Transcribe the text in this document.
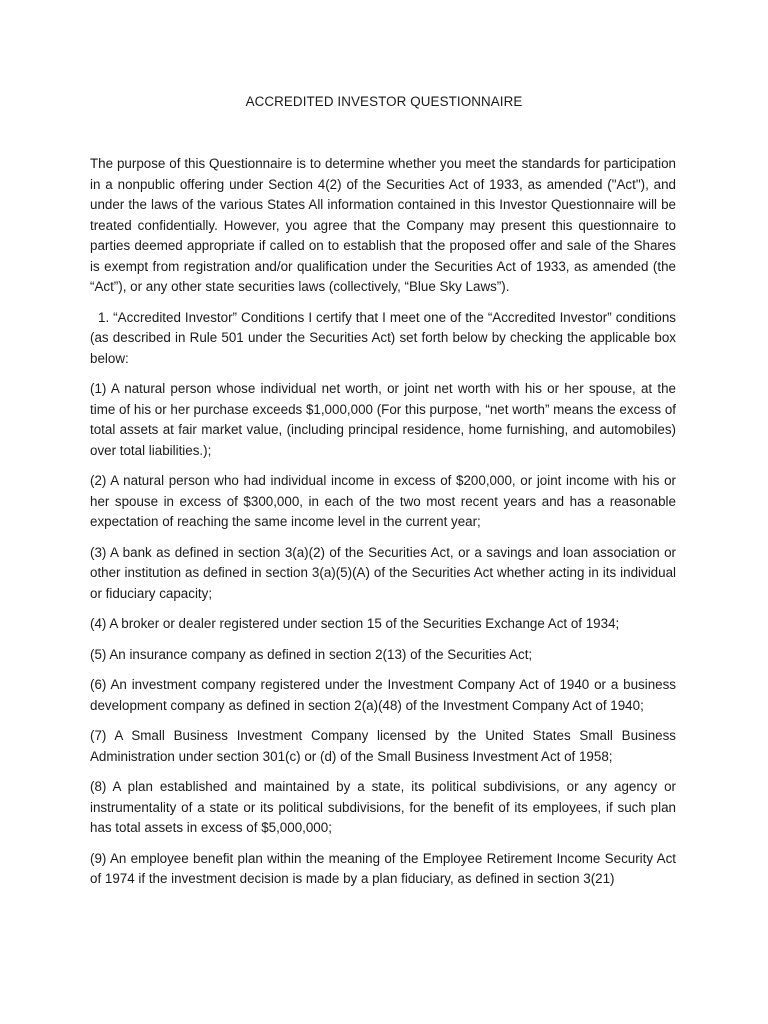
ACCREDITED INVESTOR QUESTIONNAIRE

The purpose of this Questionnaire is to determine whether you meet the standards for participation in a nonpublic offering under Section 4(2) of the Securities Act of 1933, as amended ("Act"), and under the laws of the various States All information contained in this Investor Questionnaire will be treated confidentially. However, you agree that the Company may present this questionnaire to parties deemed appropriate if called on to establish that the proposed offer and sale of the Shares is exempt from registration and/or qualification under the Securities Act of 1933, as amended (the “Act”), or any other state securities laws (collectively, “Blue Sky Laws”).

1. “Accredited Investor” Conditions I certify that I meet one of the “Accredited Investor” conditions (as described in Rule 501 under the Securities Act) set forth below by checking the applicable box below:

(1) A natural person whose individual net worth, or joint net worth with his or her spouse, at the time of his or her purchase exceeds $1,000,000 (For this purpose, “net worth” means the excess of total assets at fair market value, (including principal residence, home furnishing, and automobiles) over total liabilities.);

(2) A natural person who had individual income in excess of $200,000, or joint income with his or her spouse in excess of $300,000, in each of the two most recent years and has a reasonable expectation of reaching the same income level in the current year;

(3) A bank as defined in section 3(a)(2) of the Securities Act, or a savings and loan association or other institution as defined in section 3(a)(5)(A) of the Securities Act whether acting in its individual or fiduciary capacity;

(4) A broker or dealer registered under section 15 of the Securities Exchange Act of 1934;

(5) An insurance company as defined in section 2(13) of the Securities Act;

(6) An investment company registered under the Investment Company Act of 1940 or a business development company as defined in section 2(a)(48) of the Investment Company Act of 1940;

(7) A Small Business Investment Company licensed by the United States Small Business Administration under section 301(c) or (d) of the Small Business Investment Act of 1958;

(8) A plan established and maintained by a state, its political subdivisions, or any agency or instrumentality of a state or its political subdivisions, for the benefit of its employees, if such plan has total assets in excess of $5,000,000;

(9) An employee benefit plan within the meaning of the Employee Retirement Income Security Act of 1974 if the investment decision is made by a plan fiduciary, as defined in section 3(21)
